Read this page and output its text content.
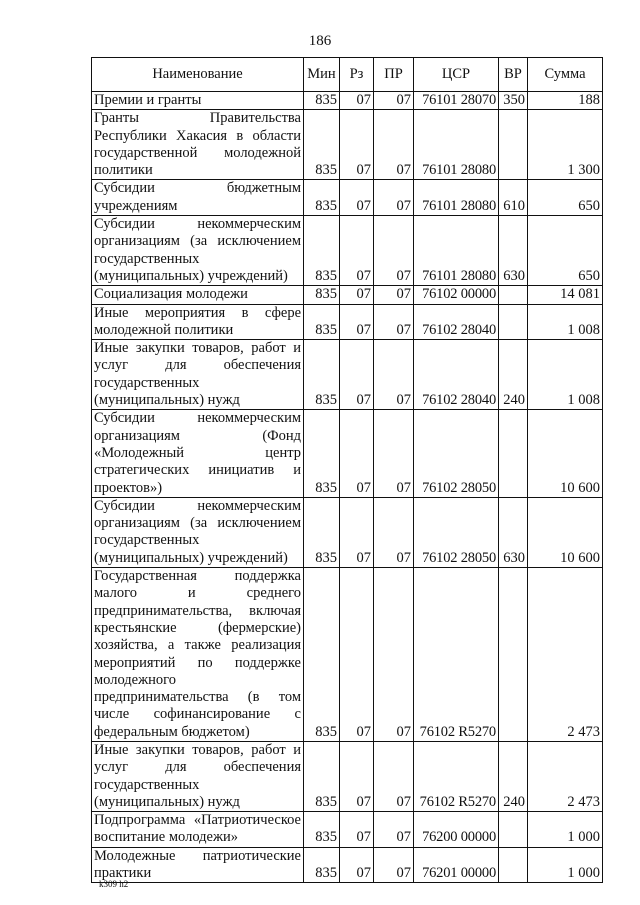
186
Наименование	Мин	Рз	ПР	ЦСР	ВР	Сумма
Премии и гранты	835	07	07	76101 28070	350	188
Гранты Правительства Республики Хакасия в области государственной молодежной политики	835	07	07	76101 28080		1 300
Субсидии бюджетным учреждениям	835	07	07	76101 28080	610	650
Субсидии некоммерческим организациям (за исключением государственных (муниципальных) учреждений)	835	07	07	76101 28080	630	650
Социализация молодежи	835	07	07	76102 00000		14 081
Иные мероприятия в сфере молодежной политики	835	07	07	76102 28040		1 008
Иные закупки товаров, работ и услуг для обеспечения государственных (муниципальных) нужд	835	07	07	76102 28040	240	1 008
Субсидии некоммерческим организациям (Фонд «Молодежный центр стратегических инициатив и проектов»)	835	07	07	76102 28050		10 600
Субсидии некоммерческим организациям (за исключением государственных (муниципальных) учреждений)	835	07	07	76102 28050	630	10 600
Государственная поддержка малого и среднего предпринимательства, включая крестьянские (фермерские) хозяйства, а также реализация мероприятий по поддержке молодежного предпринимательства (в том числе софинансирование с федеральным бюджетом)	835	07	07	76102 R5270		2 473
Иные закупки товаров, работ и услуг для обеспечения государственных (муниципальных) нужд	835	07	07	76102 R5270	240	2 473
Подпрограмма «Патриотическое воспитание молодежи»	835	07	07	76200 00000		1 000
Молодежные патриотические практики	835	07	07	76201 00000		1 000
k309 h2
